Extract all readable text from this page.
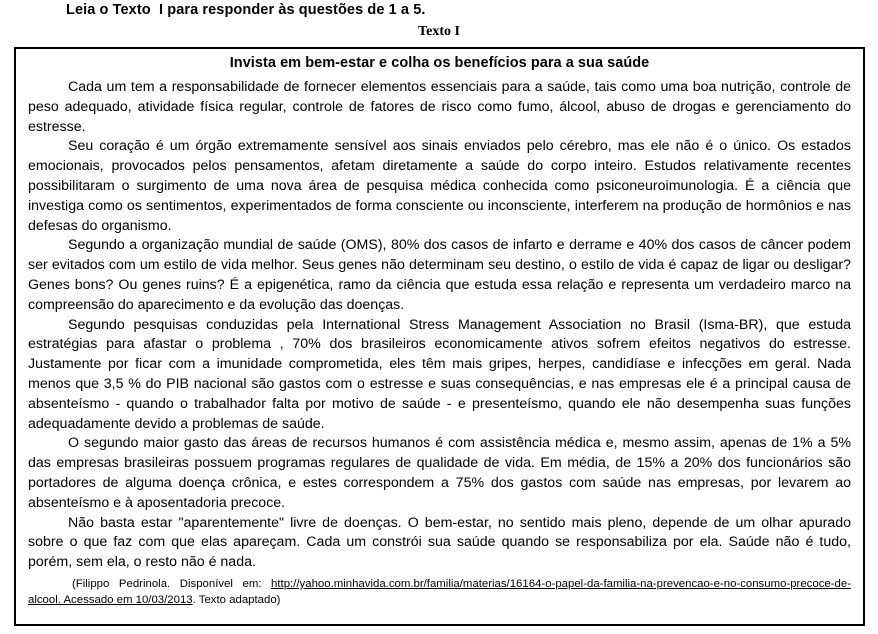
Leia o Texto  I para responder às questões de 1 a 5.
Texto I
Invista em bem-estar e colha os benefícios para a sua saúde

Cada um tem a responsabilidade de fornecer elementos essenciais para a saúde, tais como uma boa nutrição, controle de peso adequado, atividade física regular, controle de fatores de risco como fumo, álcool, abuso de drogas e gerenciamento do estresse.

Seu coração é um órgão extremamente sensível aos sinais enviados pelo cérebro, mas ele não é o único. Os estados emocionais, provocados pelos pensamentos, afetam diretamente a saúde do corpo inteiro. Estudos relativamente recentes possibilitaram o surgimento de uma nova área de pesquisa médica conhecida como psiconeuroimunologia. É a ciência que investiga como os sentimentos, experimentados de forma consciente ou inconsciente, interferem na produção de hormônios e nas defesas do organismo.

Segundo a organização mundial de saúde (OMS), 80% dos casos de infarto e derrame e 40% dos casos de câncer podem ser evitados com um estilo de vida melhor. Seus genes não determinam seu destino, o estilo de vida é capaz de ligar ou desligar? Genes bons? Ou genes ruins? É a epigenética, ramo da ciência que estuda essa relação e representa um verdadeiro marco na compreensão do aparecimento e da evolução das doenças.

Segundo pesquisas conduzidas pela International Stress Management Association no Brasil (Isma-BR), que estuda estratégias para afastar o problema , 70% dos brasileiros economicamente ativos sofrem efeitos negativos do estresse. Justamente por ficar com a imunidade comprometida, eles têm mais gripes, herpes, candidíase e infecções em geral. Nada menos que 3,5 % do PIB nacional são gastos com o estresse e suas consequências, e nas empresas ele é a principal causa de absenteísmo - quando o trabalhador falta por motivo de saúde - e presenteísmo, quando ele não desempenha suas funções adequadamente devido a problemas de saúde.

O segundo maior gasto das áreas de recursos humanos é com assistência médica e, mesmo assim, apenas de 1% a 5% das empresas brasileiras possuem programas regulares de qualidade de vida. Em média, de 15% a 20% dos funcionários são portadores de alguma doença crônica, e estes correspondem a 75% dos gastos com saúde nas empresas, por levarem ao absenteísmo e à aposentadoria precoce.

Não basta estar "aparentemente" livre de doenças. O bem-estar, no sentido mais pleno, depende de um olhar apurado sobre o que faz com que elas apareçam. Cada um constrói sua saúde quando se responsabiliza por ela. Saúde não é tudo, porém, sem ela, o resto não é nada.

(Filippo Pedrinola. Disponível em: http://yahoo.minhavida.com.br/familia/materias/16164-o-papel-da-familia-na-prevencao-e-no-consumo-precoce-de-alcool. Acessado em 10/03/2013. Texto adaptado)
